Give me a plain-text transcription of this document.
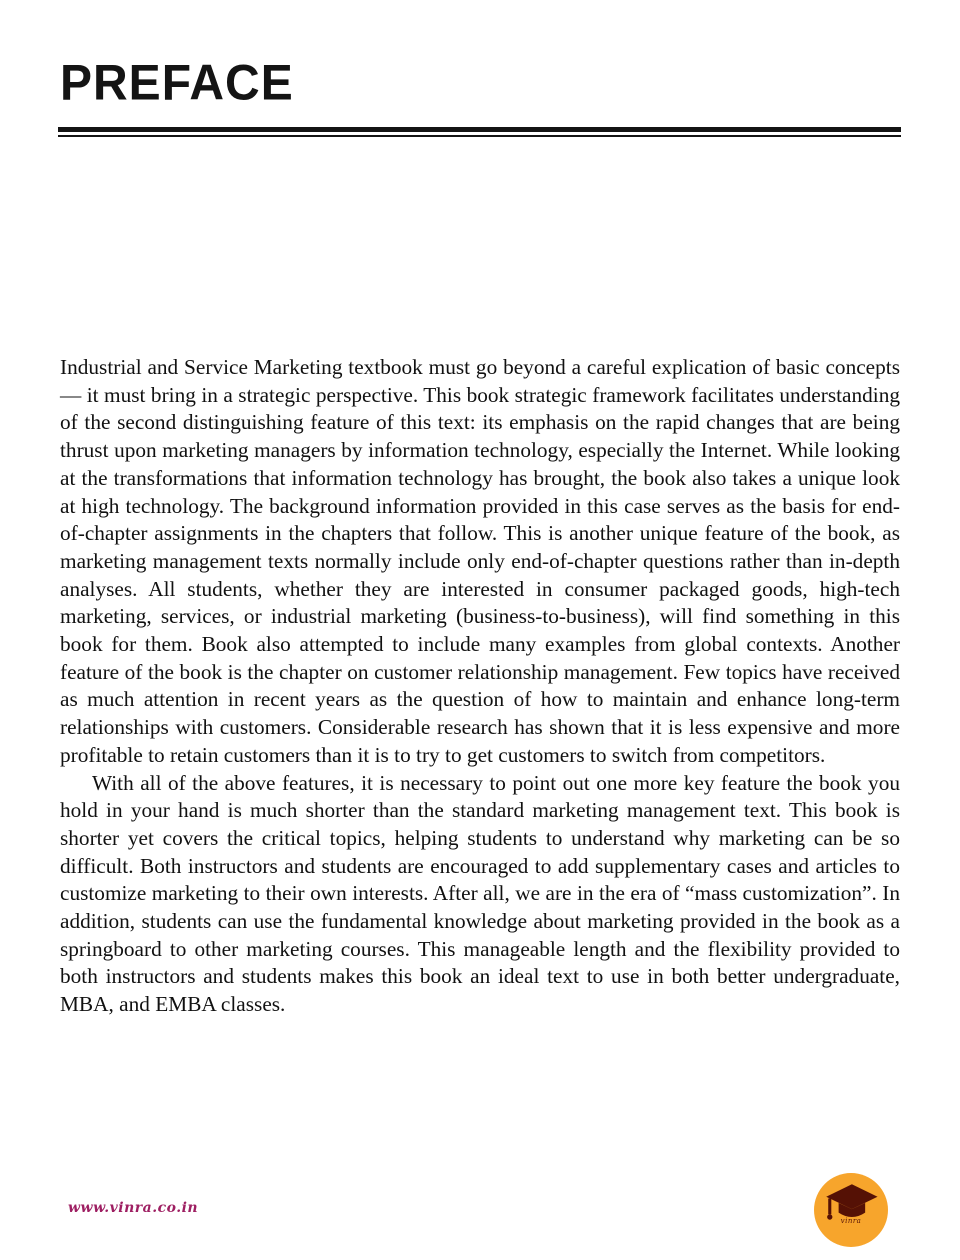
PREFACE

Industrial and Service Marketing textbook must go beyond a careful explication of basic concepts — it must bring in a strategic perspective. This book strategic framework facilitates understanding of the second distinguishing feature of this text: its emphasis on the rapid changes that are being thrust upon marketing managers by information technology, especially the Internet. While looking at the transformations that information technology has brought, the book also takes a unique look at high technology. The background information provided in this case serves as the basis for end-of-chapter assignments in the chapters that follow. This is another unique feature of the book, as marketing management texts normally include only end-of-chapter questions rather than in-depth analyses. All students, whether they are interested in consumer packaged goods, high-tech marketing, services, or industrial marketing (business-to-business), will find something in this book for them. Book also attempted to include many examples from global contexts. Another feature of the book is the chapter on customer relationship management. Few topics have received as much attention in recent years as the question of how to maintain and enhance long-term relationships with customers. Considerable research has shown that it is less expensive and more profitable to retain customers than it is to try to get customers to switch from competitors.

With all of the above features, it is necessary to point out one more key feature the book you hold in your hand is much shorter than the standard marketing management text. This book is shorter yet covers the critical topics, helping students to understand why marketing can be so difficult. Both instructors and students are encouraged to add supplementary cases and articles to customize marketing to their own interests. After all, we are in the era of “mass customization”. In addition, students can use the fundamental knowledge about marketing provided in the book as a springboard to other marketing courses. This manageable length and the flexibility provided to both instructors and students makes this book an ideal text to use in both better undergraduate, MBA, and EMBA classes.

www.vinra.co.in
vinra
